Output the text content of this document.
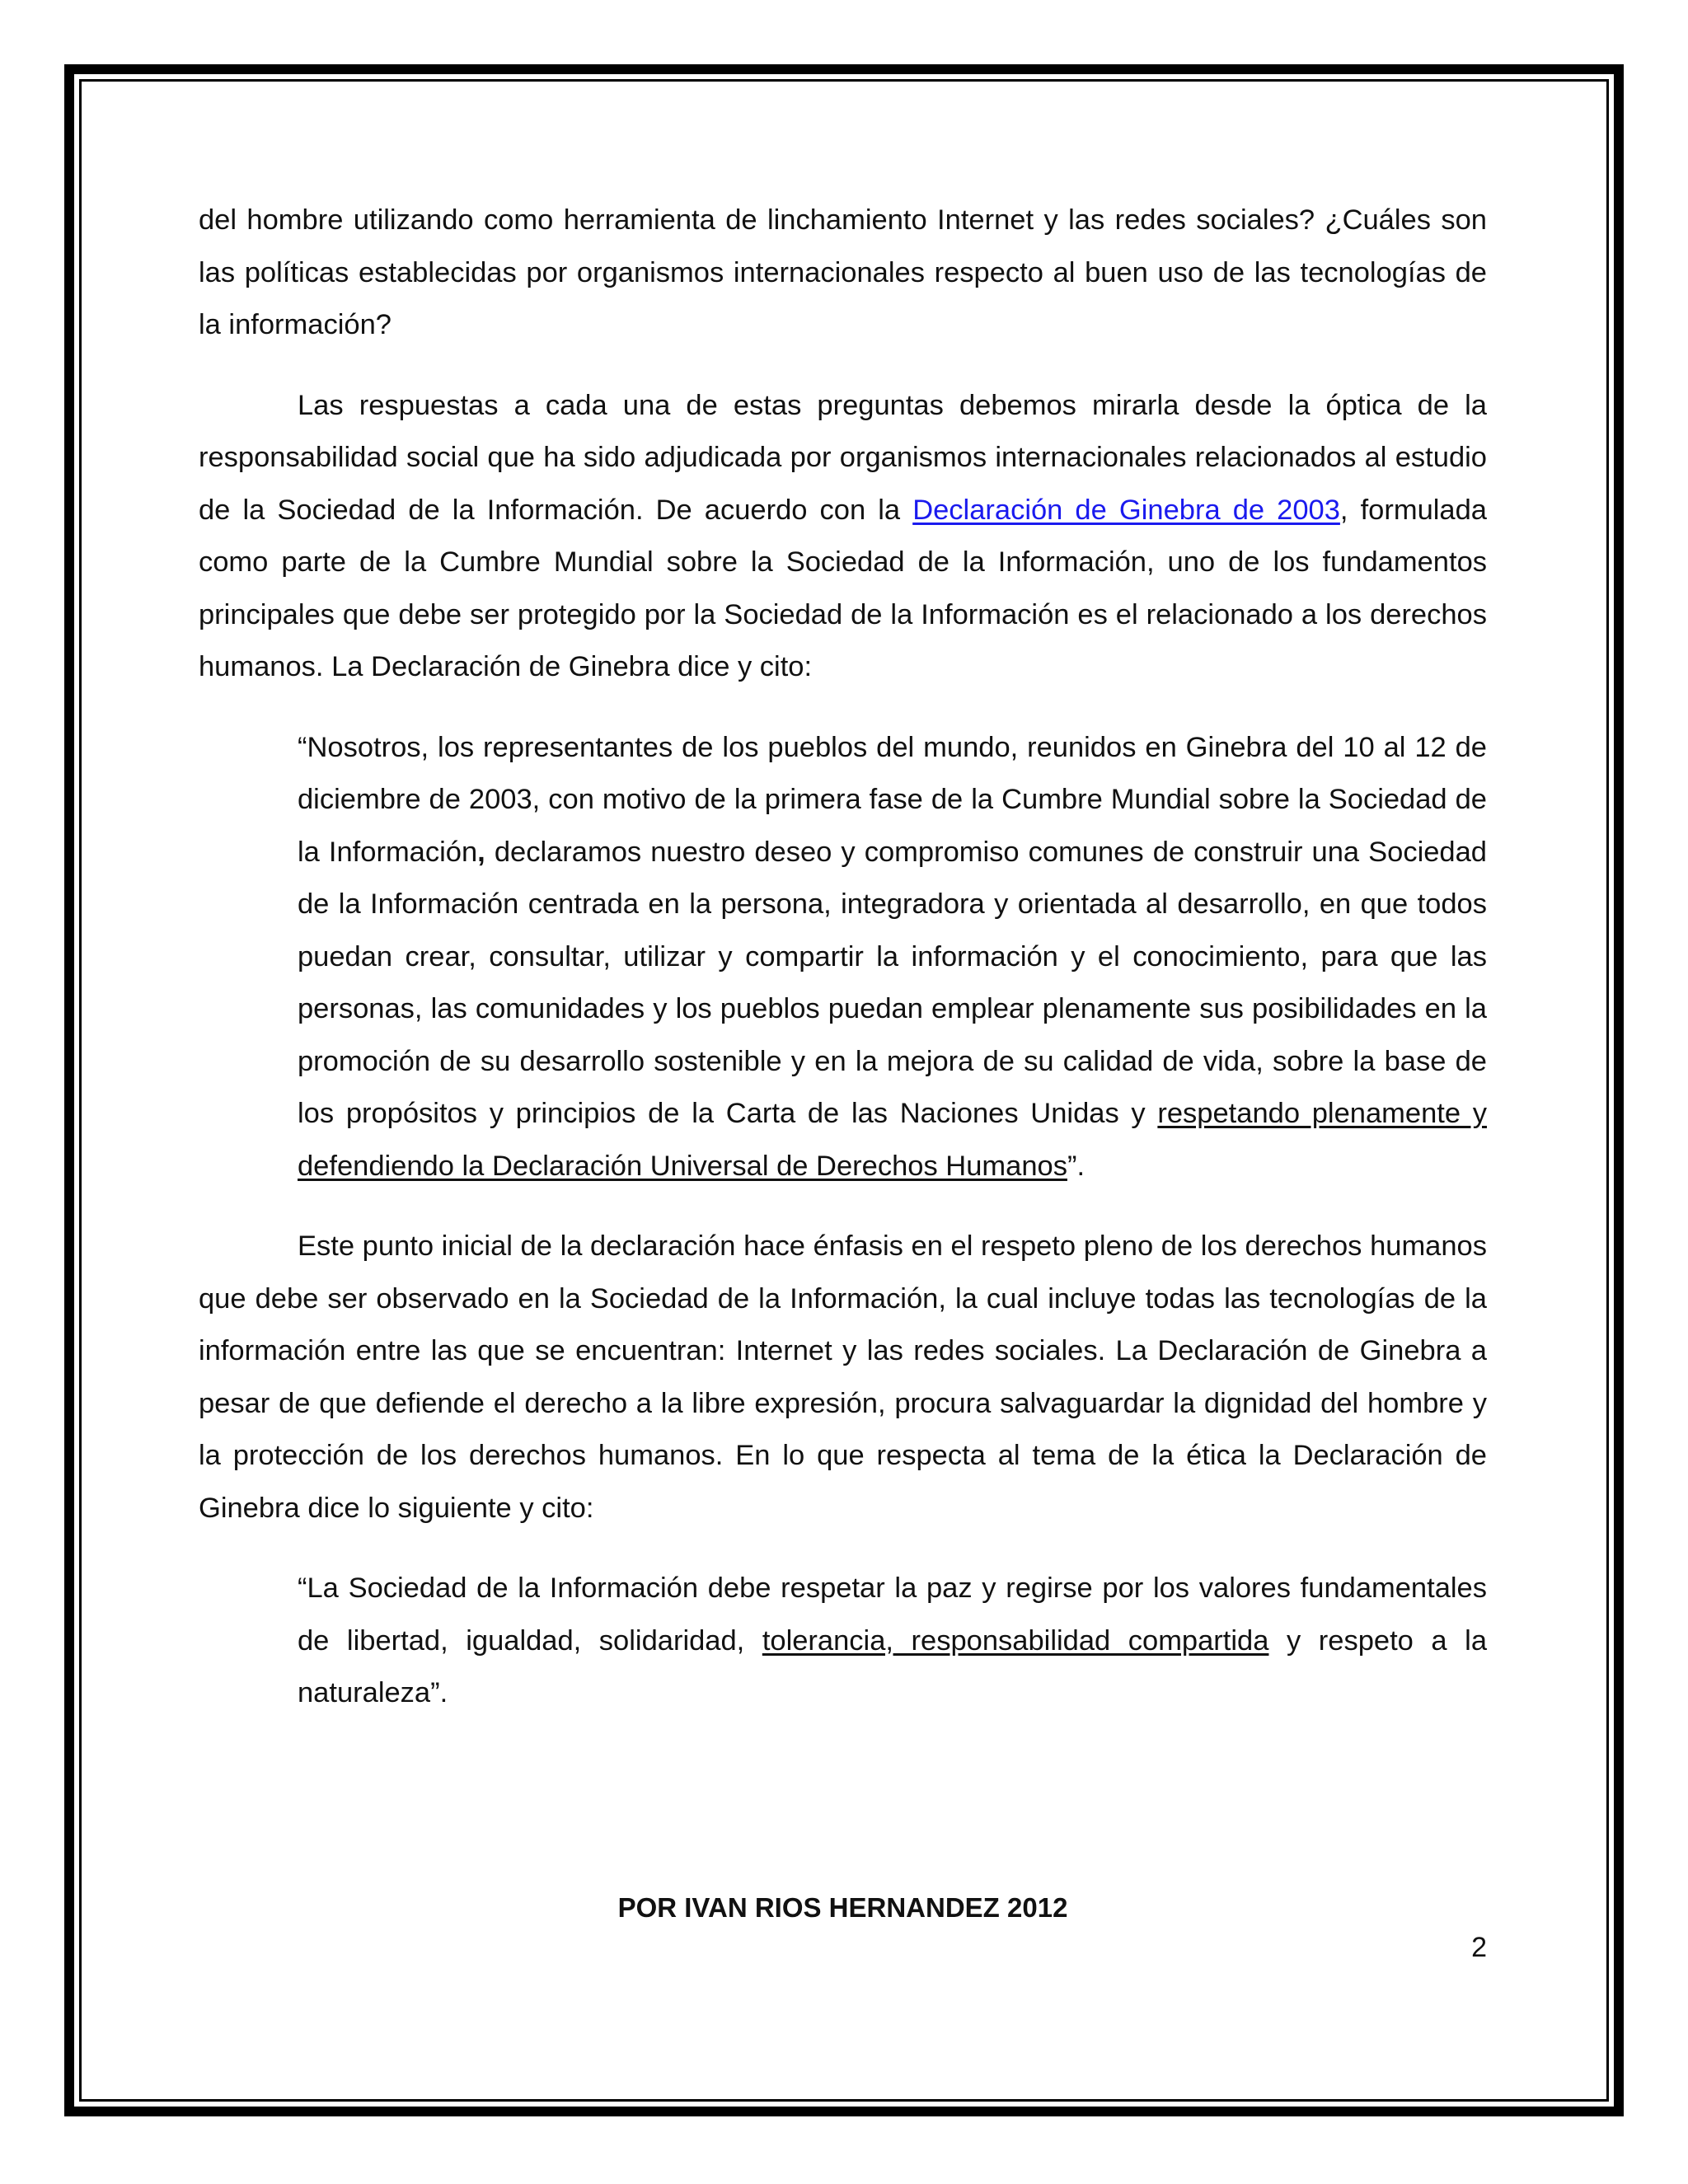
del hombre utilizando como herramienta de linchamiento Internet y las redes sociales? ¿Cuáles son las políticas establecidas por organismos internacionales respecto al buen uso de las tecnologías de la información?

Las respuestas a cada una de estas preguntas debemos mirarla desde la óptica de la responsabilidad social que ha sido adjudicada por organismos internacionales relacionados al estudio de la Sociedad de la Información. De acuerdo con la Declaración de Ginebra de 2003, formulada como parte de la Cumbre Mundial sobre la Sociedad de la Información, uno de los fundamentos principales que debe ser protegido por la Sociedad de la Información es el relacionado a los derechos humanos. La Declaración de Ginebra dice y cito:

“Nosotros, los representantes de los pueblos del mundo, reunidos en Ginebra del 10 al 12 de diciembre de 2003, con motivo de la primera fase de la Cumbre Mundial sobre la Sociedad de la Información, declaramos nuestro deseo y compromiso comunes de construir una Sociedad de la Información centrada en la persona, integradora y orientada al desarrollo, en que todos puedan crear, consultar, utilizar y compartir la información y el conocimiento, para que las personas, las comunidades y los pueblos puedan emplear plenamente sus posibilidades en la promoción de su desarrollo sostenible y en la mejora de su calidad de vida, sobre la base de los propósitos y principios de la Carta de las Naciones Unidas y respetando plenamente y defendiendo la Declaración Universal de Derechos Humanos”.

Este punto inicial de la declaración hace énfasis en el respeto pleno de los derechos humanos que debe ser observado en la Sociedad de la Información, la cual incluye todas las tecnologías de la información entre las que se encuentran: Internet y las redes sociales. La Declaración de Ginebra a pesar de que defiende el derecho a la libre expresión, procura salvaguardar la dignidad del hombre y la protección de los derechos humanos. En lo que respecta al tema de la ética la Declaración de Ginebra dice lo siguiente y cito:

“La Sociedad de la Información debe respetar la paz y regirse por los valores fundamentales de libertad, igualdad, solidaridad, tolerancia, responsabilidad compartida y respeto a la naturaleza”.

POR IVAN RIOS HERNANDEZ 2012
2
